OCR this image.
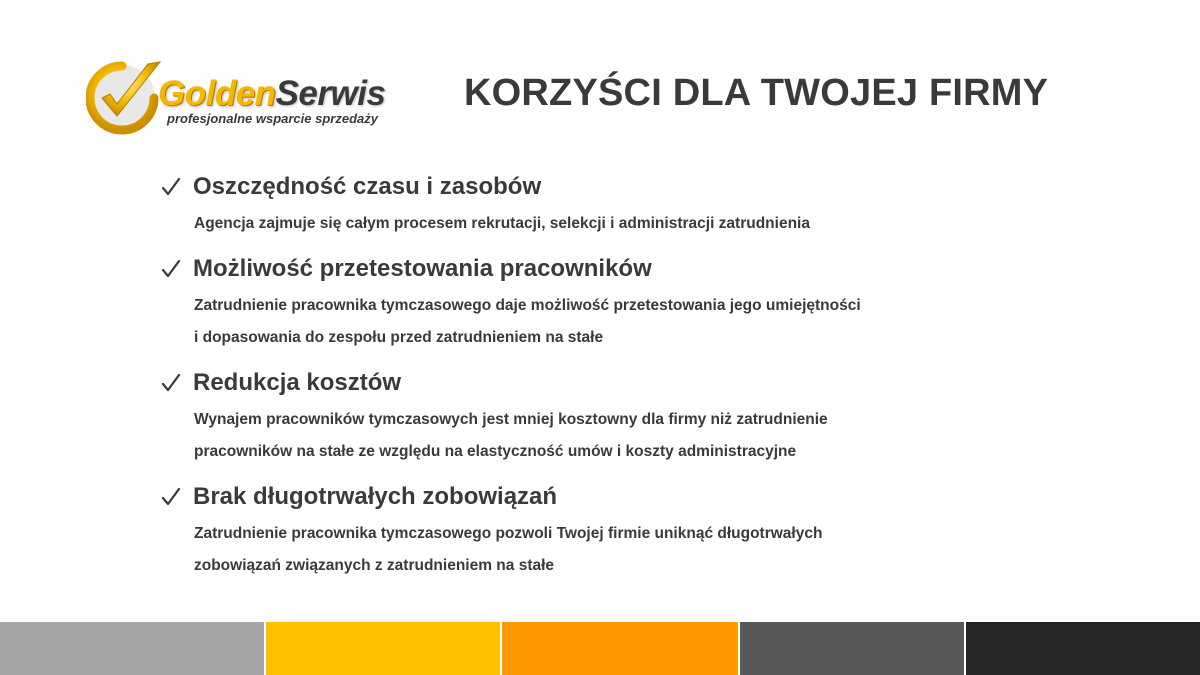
GoldenSerwis
profesjonalne wsparcie sprzedaży
KORZYŚCI DLA TWOJEJ FIRMY
Oszczędność czasu i zasobów
Agencja zajmuje się całym procesem rekrutacji, selekcji i administracji zatrudnienia
Możliwość przetestowania pracowników
Zatrudnienie pracownika tymczasowego daje możliwość przetestowania jego umiejętności
i dopasowania do zespołu przed zatrudnieniem na stałe
Redukcja kosztów
Wynajem pracowników tymczasowych jest mniej kosztowny dla firmy niż zatrudnienie
pracowników na stałe ze względu na elastyczność umów i koszty administracyjne
Brak długotrwałych zobowiązań
Zatrudnienie pracownika tymczasowego pozwoli Twojej firmie uniknąć długotrwałych
zobowiązań związanych z zatrudnieniem na stałe
